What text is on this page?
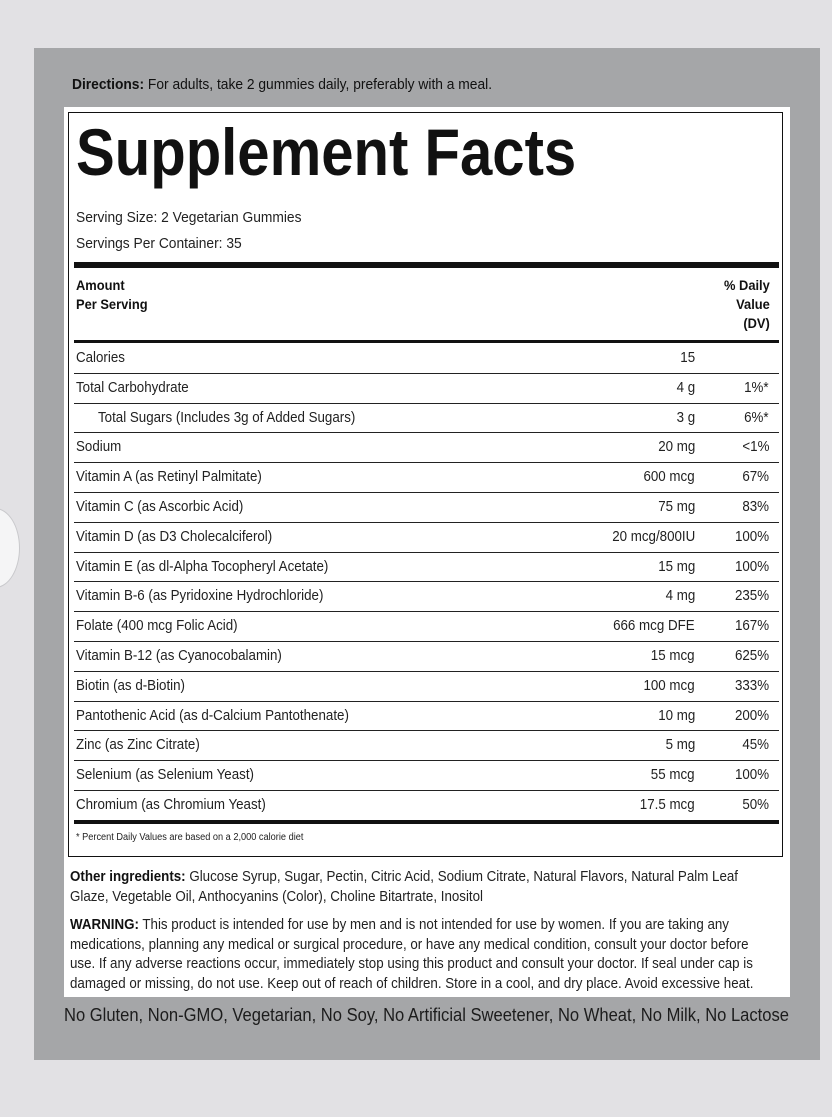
Directions: For adults, take 2 gummies daily, preferably with a meal.
Supplement Facts
Serving Size: 2 Vegetarian Gummies
Servings Per Container: 35
Amount
Per Serving
% Daily
Value
(DV)
Calories	15
Total Carbohydrate	4 g	1%*
Total Sugars (Includes 3g of Added Sugars)	3 g	6%*
Sodium	20 mg	<1%
Vitamin A (as Retinyl Palmitate)	600 mcg	67%
Vitamin C (as Ascorbic Acid)	75 mg	83%
Vitamin D (as D3 Cholecalciferol)	20 mcg/800IU	100%
Vitamin E (as dl-Alpha Tocopheryl Acetate)	15 mg	100%
Vitamin B-6 (as Pyridoxine Hydrochloride)	4 mg	235%
Folate (400 mcg Folic Acid)	666 mcg DFE	167%
Vitamin B-12 (as Cyanocobalamin)	15 mcg	625%
Biotin (as d-Biotin)	100 mcg	333%
Pantothenic Acid (as d-Calcium Pantothenate)	10 mg	200%
Zinc (as Zinc Citrate)	5 mg	45%
Selenium (as Selenium Yeast)	55 mcg	100%
Chromium (as Chromium Yeast)	17.5 mcg	50%
* Percent Daily Values are based on a 2,000 calorie diet
Other ingredients: Glucose Syrup, Sugar, Pectin, Citric Acid, Sodium Citrate, Natural Flavors, Natural Palm Leaf Glaze, Vegetable Oil, Anthocyanins (Color), Choline Bitartrate, Inositol
WARNING: This product is intended for use by men and is not intended for use by women. If you are taking any medications, planning any medical or surgical procedure, or have any medical condition, consult your doctor before use. If any adverse reactions occur, immediately stop using this product and consult your doctor. If seal under cap is damaged or missing, do not use. Keep out of reach of children. Store in a cool, and dry place. Avoid excessive heat.
No Gluten, Non-GMO, Vegetarian, No Soy, No Artificial Sweetener, No Wheat, No Milk, No Lactose
